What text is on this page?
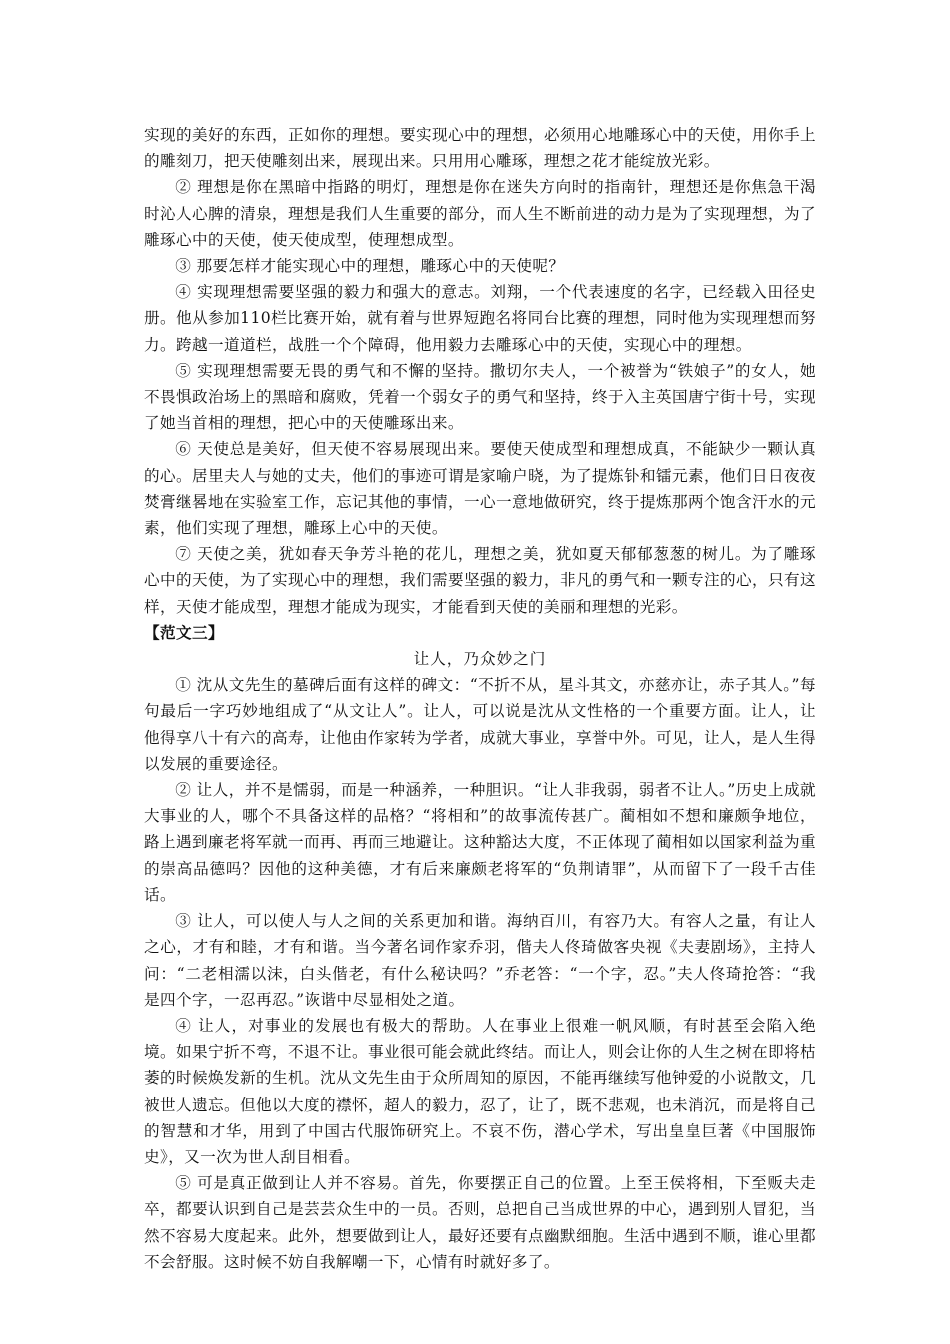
实现的美好的东西，正如你的理想。要实现心中的理想，必须用心地雕琢心中的天使，用你手上的雕刻刀，把天使雕刻出来，展现出来。只用用心雕琢，理想之花才能绽放光彩。

② 理想是你在黑暗中指路的明灯，理想是你在迷失方向时的指南针，理想还是你焦急干渴时沁人心脾的清泉，理想是我们人生重要的部分，而人生不断前进的动力是为了实现理想，为了雕琢心中的天使，使天使成型，使理想成型。

③ 那要怎样才能实现心中的理想，雕琢心中的天使呢？

④ 实现理想需要坚强的毅力和强大的意志。刘翔，一个代表速度的名字，已经载入田径史册。他从参加110栏比赛开始，就有着与世界短跑名将同台比赛的理想，同时他为实现理想而努力。跨越一道道栏，战胜一个个障碍，他用毅力去雕琢心中的天使，实现心中的理想。

⑤ 实现理想需要无畏的勇气和不懈的坚持。撒切尔夫人，一个被誉为“铁娘子”的女人，她不畏惧政治场上的黑暗和腐败，凭着一个弱女子的勇气和坚持，终于入主英国唐宁街十号，实现了她当首相的理想，把心中的天使雕琢出来。

⑥ 天使总是美好，但天使不容易展现出来。要使天使成型和理想成真，不能缺少一颗认真的心。居里夫人与她的丈夫，他们的事迹可谓是家喻户晓，为了提炼钋和镭元素，他们日日夜夜焚膏继晷地在实验室工作，忘记其他的事情，一心一意地做研究，终于提炼那两个饱含汗水的元素，他们实现了理想，雕琢上心中的天使。

⑦ 天使之美，犹如春天争芳斗艳的花儿，理想之美，犹如夏天郁郁葱葱的树儿。为了雕琢心中的天使，为了实现心中的理想，我们需要坚强的毅力，非凡的勇气和一颗专注的心，只有这样，天使才能成型，理想才能成为现实，才能看到天使的美丽和理想的光彩。

【范文三】

让人，乃众妙之门

① 沈从文先生的墓碑后面有这样的碑文：“不折不从，星斗其文，亦慈亦让，赤子其人。”每句最后一字巧妙地组成了“从文让人”。让人，可以说是沈从文性格的一个重要方面。让人，让他得享八十有六的高寿，让他由作家转为学者，成就大事业，享誉中外。可见，让人，是人生得以发展的重要途径。

② 让人，并不是懦弱，而是一种涵养，一种胆识。“让人非我弱，弱者不让人。”历史上成就大事业的人，哪个不具备这样的品格？“将相和”的故事流传甚广。蔺相如不想和廉颇争地位，路上遇到廉老将军就一而再、再而三地避让。这种豁达大度，不正体现了蔺相如以国家利益为重的崇高品德吗？因他的这种美德，才有后来廉颇老将军的“负荆请罪”，从而留下了一段千古佳话。

③ 让人，可以使人与人之间的关系更加和谐。海纳百川，有容乃大。有容人之量，有让人之心，才有和睦，才有和谐。当今著名词作家乔羽，偕夫人佟琦做客央视《夫妻剧场》，主持人问：“二老相濡以沫，白头偕老，有什么秘诀吗？”乔老答：“一个字，忍。”夫人佟琦抢答：“我是四个字，一忍再忍。”诙谐中尽显相处之道。

④ 让人，对事业的发展也有极大的帮助。人在事业上很难一帆风顺，有时甚至会陷入绝境。如果宁折不弯，不退不让。事业很可能会就此终结。而让人，则会让你的人生之树在即将枯萎的时候焕发新的生机。沈从文先生由于众所周知的原因，不能再继续写他钟爱的小说散文，几被世人遗忘。但他以大度的襟怀，超人的毅力，忍了，让了，既不悲观，也未消沉，而是将自己的智慧和才华，用到了中国古代服饰研究上。不哀不伤，潜心学术，写出皇皇巨著《中国服饰史》，又一次为世人刮目相看。

⑤ 可是真正做到让人并不容易。首先，你要摆正自己的位置。上至王侯将相，下至贩夫走卒，都要认识到自己是芸芸众生中的一员。否则，总把自己当成世界的中心，遇到别人冒犯，当然不容易大度起来。此外，想要做到让人，最好还要有点幽默细胞。生活中遇到不顺，谁心里都不会舒服。这时候不妨自我解嘲一下，心情有时就好多了。
